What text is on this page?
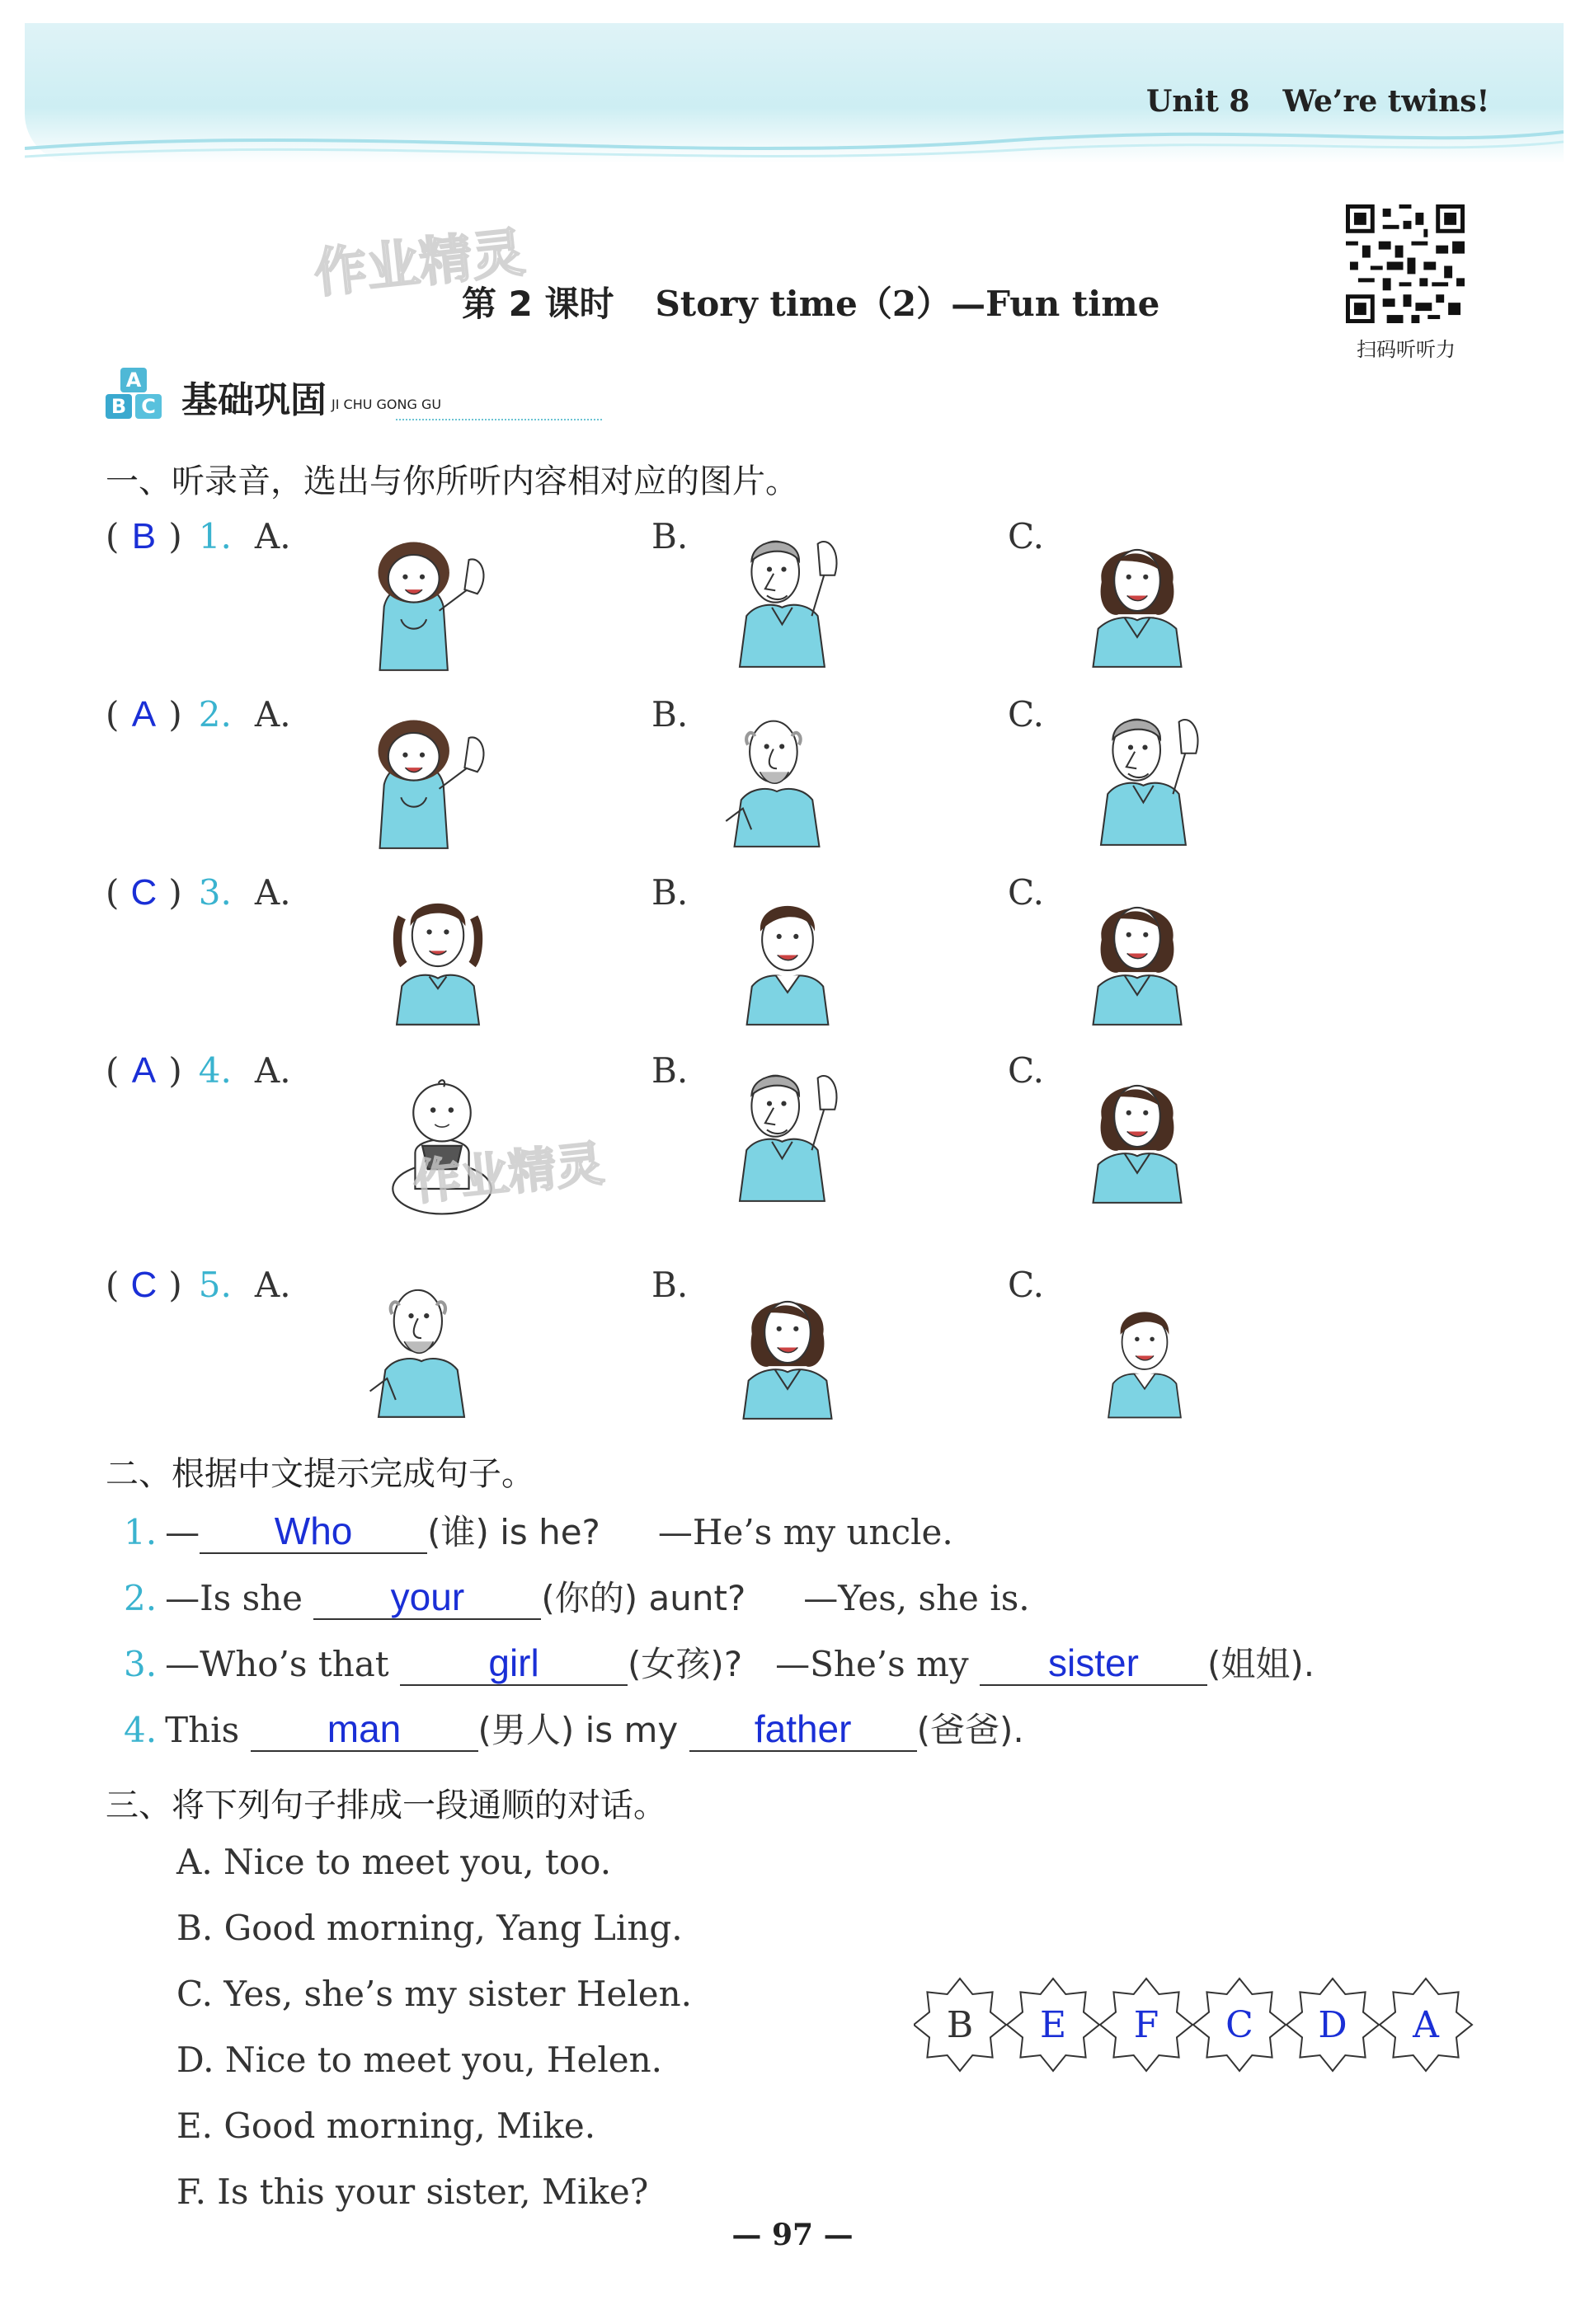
Unit 8 We’re twins!
扫码听听力
作业精灵
第 2 课时 Story time（2）—Fun time
A
B C 基础巩固 JI CHU GONG GU
一、听录音，选出与你所听内容相对应的图片。
( B ) 1. A.	B.	C.
( A ) 2. A.	B.	C.
( C ) 3. A.	B.	C.
( A ) 4. A.	B.	C.
作业精灵
( C ) 5. A.	B.	C.
二、根据中文提示完成句子。
1. — Who (谁) is he? —He’s my uncle.
2. —Is she your (你的) aunt? —Yes, she is.
3. —Who’s that	girl	(女孩)? —She’s my sister (姐姐).
4. This man (男人) is my father (爸爸).
三、将下列句子排成一段通顺的对话。
A. Nice to meet you, too.
B. Good morning, Yang Ling.
C. Yes, she’s my sister Helen.
D. Nice to meet you, Helen.
E. Good morning, Mike.
F. Is this your sister, Mike?
B E F C D A
— 97 —
